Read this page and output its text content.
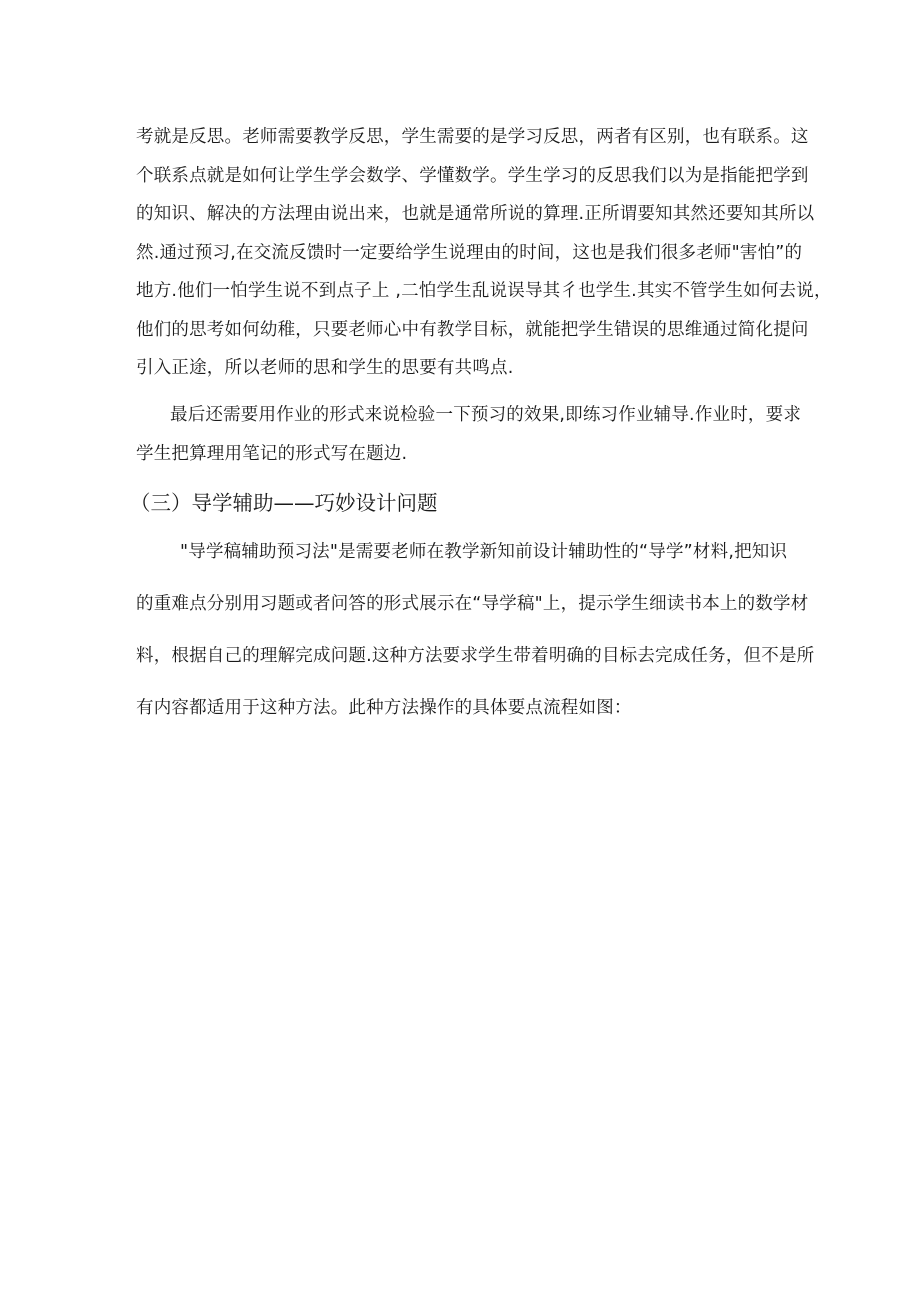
考就是反思。老师需要教学反思，学生需要的是学习反思，两者有区别，也有联系。这
个联系点就是如何让学生学会数学、学懂数学。学生学习的反思我们以为是指能把学到
的知识、解决的方法理由说出来，也就是通常所说的算理.正所谓要知其然还要知其所以
然.通过预习,在交流反馈时一定要给学生说理由的时间，这也是我们很多老师"害怕”的
地方.他们一怕学生说不到点子上 ,二怕学生乱说误导其彳也学生.其实不管学生如何去说，
他们的思考如何幼稚，只要老师心中有教学目标，就能把学生错误的思维通过简化提问
引入正途，所以老师的思和学生的思要有共鸣点.
最后还需要用作业的形式来说检验一下预习的效果,即练习作业辅导.作业时，要求
学生把算理用笔记的形式写在题边.
（三）导学辅助——巧妙设计问题
"导学稿辅助预习法"是需要老师在教学新知前设计辅助性的“导学”材料,把知识
的重难点分别用习题或者问答的形式展示在“导学稿"上，提示学生细读书本上的数学材
料，根据自己的理解完成问题.这种方法要求学生带着明确的目标去完成任务，但不是所
有内容都适用于这种方法。此种方法操作的具体要点流程如图：
